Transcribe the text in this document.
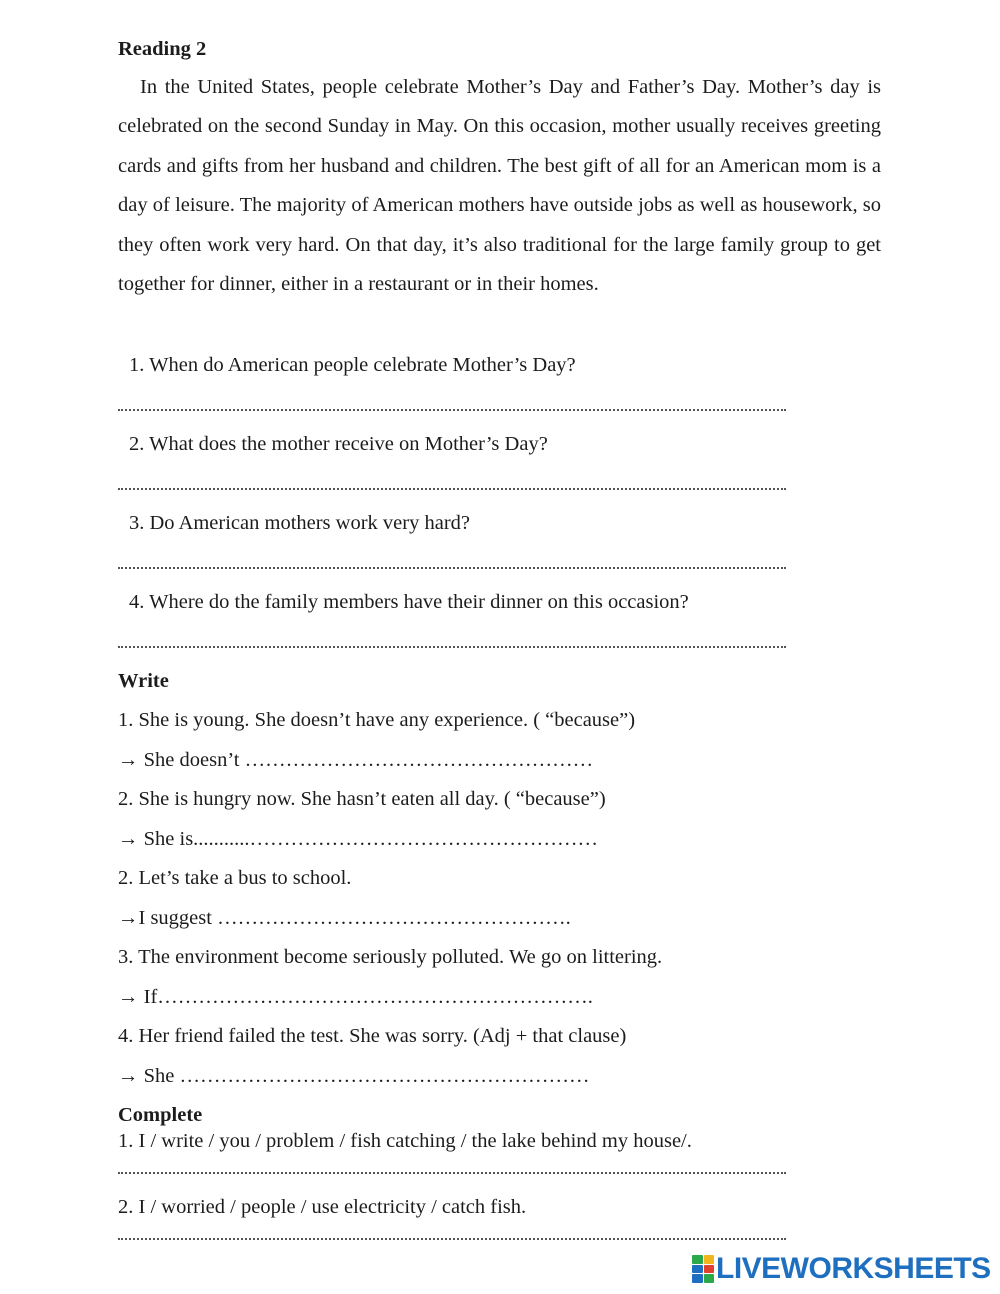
Reading 2
In the United States, people celebrate Mother’s Day and Father’s Day. Mother’s day is celebrated on the second Sunday in May. On this occasion, mother usually receives greeting cards and gifts from her husband and children. The best gift of all for an American mom is a day of leisure. The majority of American mothers have outside jobs as well as housework, so they often work very hard. On that day, it’s also traditional for the large family group to get together for dinner, either in a restaurant or in their homes.
1. When do American people celebrate Mother’s Day?
2. What does the mother receive on Mother’s Day?
3. Do American mothers work very hard?
4. Where do the family members have their dinner on this occasion?
Write
1. She is young. She doesn’t have any experience. ( “because”)
→ She doesn’t ……………………………………………
2. She is hungry now. She hasn’t eaten all day. ( “because”)
→ She is...........……………………………………………
2. Let’s take a bus to school.
→I suggest …………………………………………….
3. The environment become seriously polluted. We go on littering.
→ If……………………………………………………….
4. Her friend failed the test. She was sorry. (Adj + that clause)
→ She ……………………………………………………
Complete
1. I / write / you / problem / fish catching / the lake behind my house/.
2. I / worried / people / use electricity / catch fish.
LIVEWORKSHEETS
